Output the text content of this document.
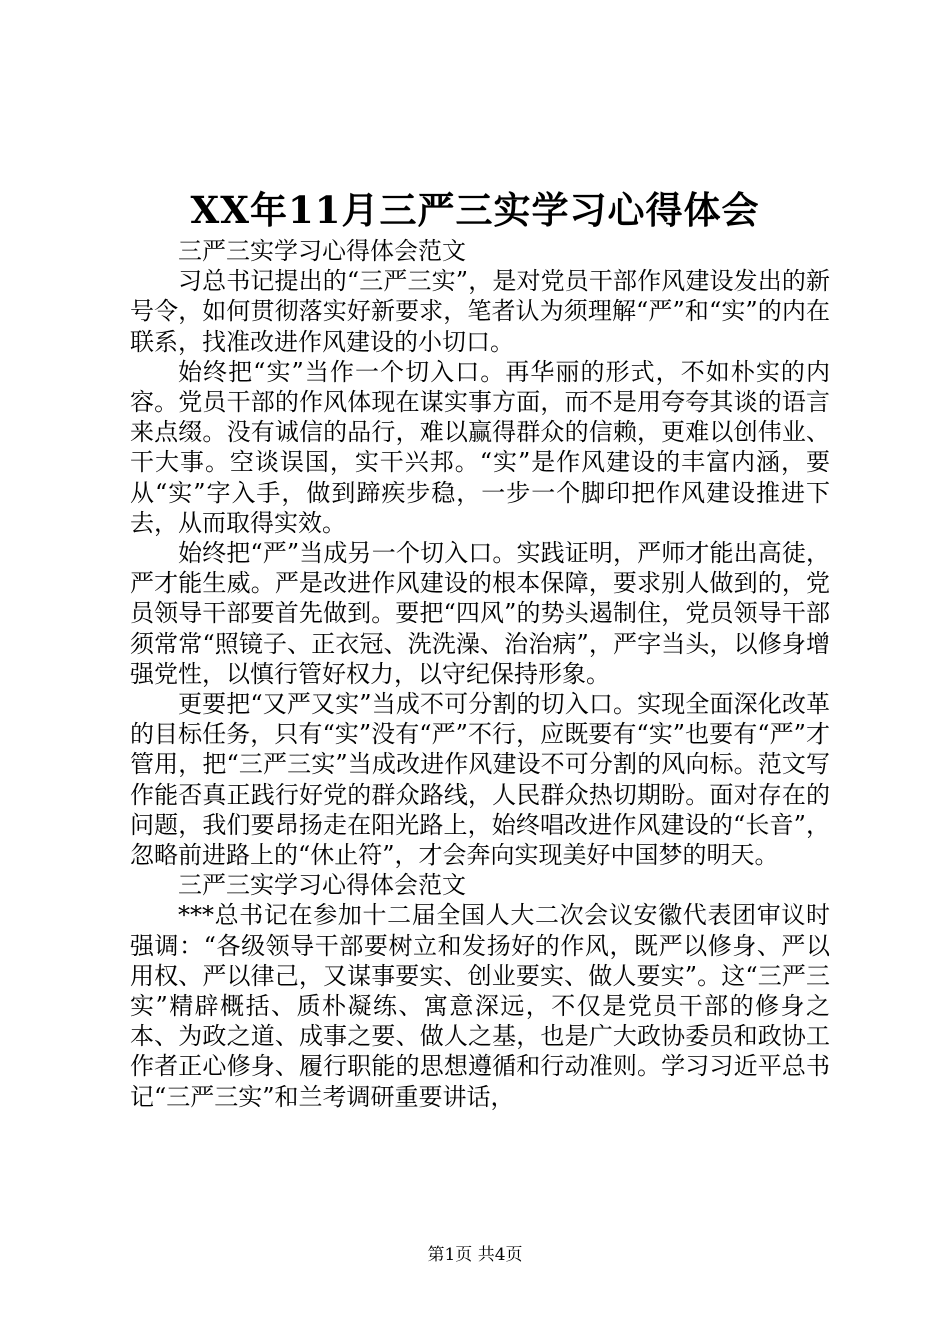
XX年11月三严三实学习心得体会

三严三实学习心得体会范文

习总书记提出的“三严三实”，是对党员干部作风建设发出的新号令，如何贯彻落实好新要求，笔者认为须理解“严”和“实”的内在联系，找准改进作风建设的小切口。

始终把“实”当作一个切入口。再华丽的形式，不如朴实的内容。党员干部的作风体现在谋实事方面，而不是用夸夸其谈的语言来点缀。没有诚信的品行，难以赢得群众的信赖，更难以创伟业、干大事。空谈误国，实干兴邦。“实”是作风建设的丰富内涵，要从“实”字入手，做到蹄疾步稳，一步一个脚印把作风建设推进下去，从而取得实效。

始终把“严”当成另一个切入口。实践证明，严师才能出高徒，严才能生威。严是改进作风建设的根本保障，要求别人做到的，党员领导干部要首先做到。要把“四风”的势头遏制住，党员领导干部须常常“照镜子、正衣冠、洗洗澡、治治病”，严字当头，以修身增强党性，以慎行管好权力，以守纪保持形象。

更要把“又严又实”当成不可分割的切入口。实现全面深化改革的目标任务，只有“实”没有“严”不行，应既要有“实”也要有“严”才管用，把“三严三实”当成改进作风建设不可分割的风向标。范文写作能否真正践行好党的群众路线，人民群众热切期盼。面对存在的问题，我们要昂扬走在阳光路上，始终唱改进作风建设的“长音”，忽略前进路上的“休止符”，才会奔向实现美好中国梦的明天。

三严三实学习心得体会范文

***总书记在参加十二届全国人大二次会议安徽代表团审议时强调：“各级领导干部要树立和发扬好的作风，既严以修身、严以用权、严以律己，又谋事要实、创业要实、做人要实”。这“三严三实”精辟概括、质朴凝练、寓意深远，不仅是党员干部的修身之本、为政之道、成事之要、做人之基，也是广大政协委员和政协工作者正心修身、履行职能的思想遵循和行动准则。学习习近平总书记“三严三实”和兰考调研重要讲话，

第1页 共4页
